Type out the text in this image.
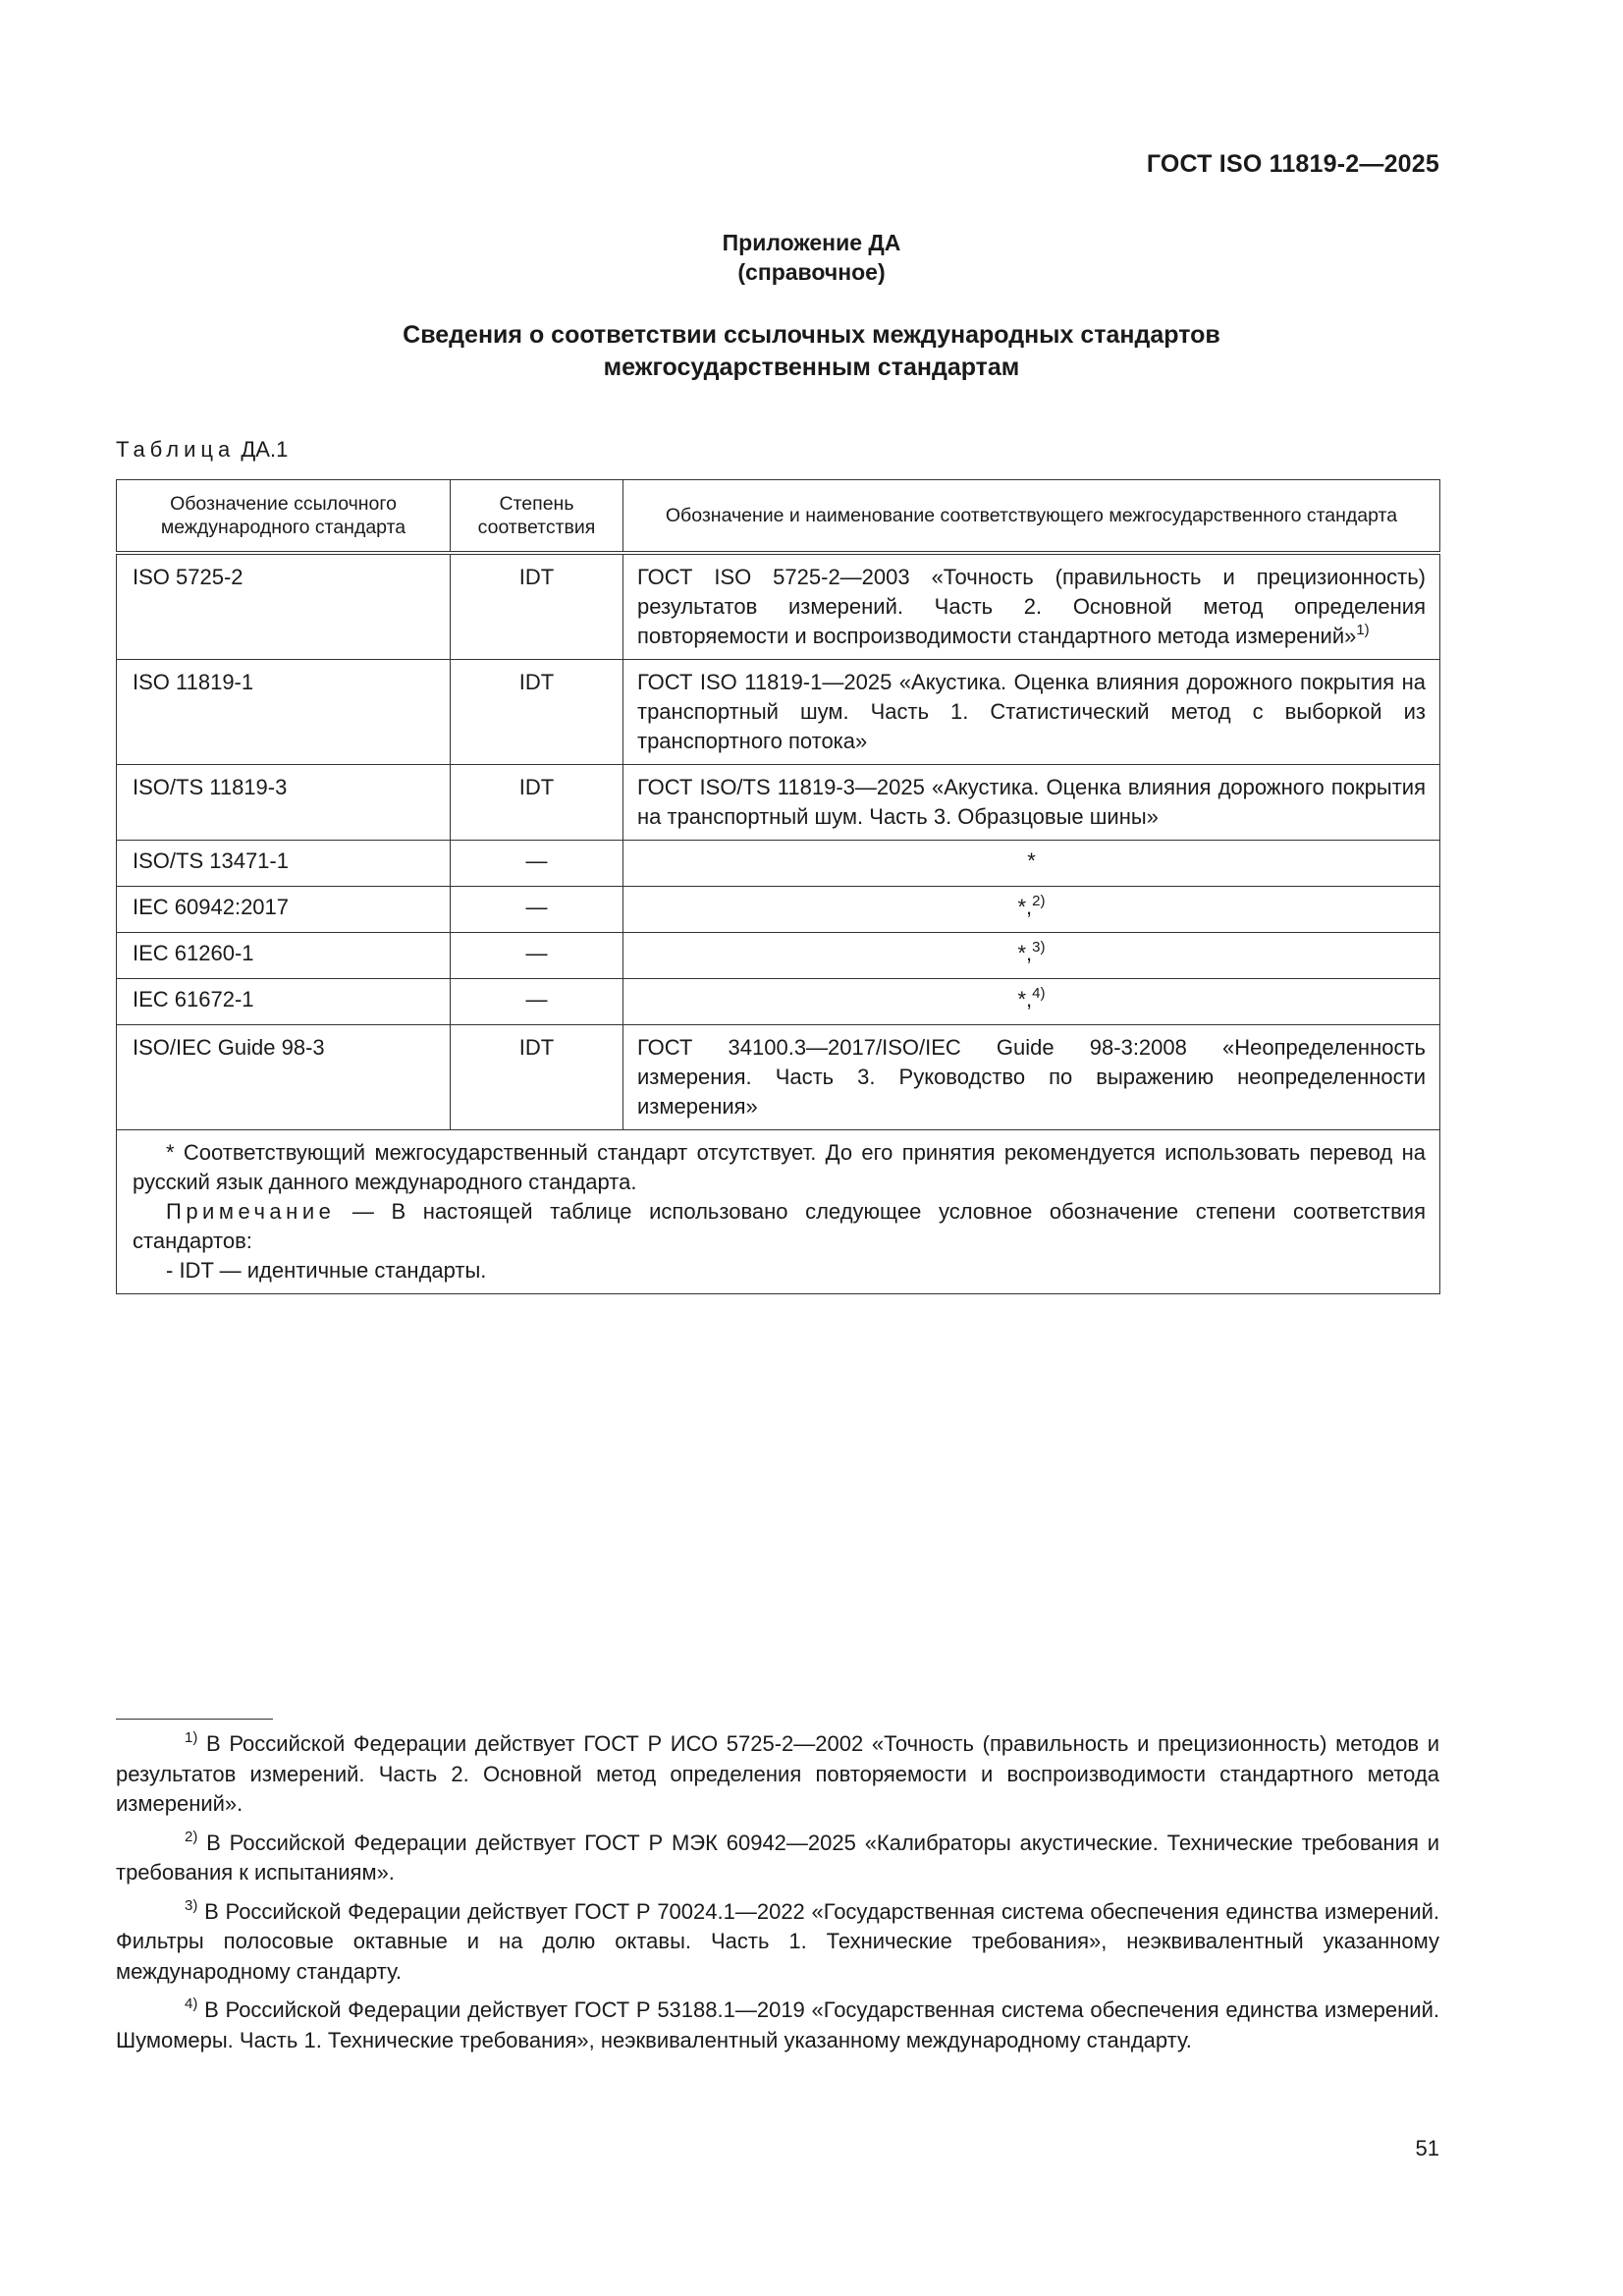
ГОСТ ISO 11819-2—2025
Приложение ДА
(справочное)
Сведения о соответствии ссылочных международных стандартов
межгосударственным стандартам
Таблица ДА.1
Обозначение ссылочного международного стандарта	Степень соответствия	Обозначение и наименование соответствующего межгосударственного стандарта
ISO 5725-2	IDT	ГОСТ ISO 5725-2—2003 «Точность (правильность и прецизионность) результатов измерений. Часть 2. Основной метод определения повторяемости и воспроизводимости стандартного метода измерений»$^{1)}$
ISO 11819-1	IDT	ГОСТ ISO 11819-1—2025 «Акустика. Оценка влияния дорожного покрытия на транспортный шум. Часть 1. Статистический метод с выборкой из транспортного потока»
ISO/TS 11819-3	IDT	ГОСТ ISO/TS 11819-3—2025 «Акустика. Оценка влияния дорожного покрытия на транспортный шум. Часть 3. Образцовые шины»
ISO/TS 13471-1	—	*
IEC 60942:2017	—	*,$^{2)}$
IEC 61260-1	—	*,$^{3)}$
IEC 61672-1	—	*,$^{4)}$
ISO/IEC Guide 98-3	IDT	ГОСТ 34100.3—2017/ISO/IEC Guide 98-3:2008 «Неопределенность измерения. Часть 3. Руководство по выражению неопределенности измерения»

* Соответствующий межгосударственный стандарт отсутствует. До его принятия рекомендуется использовать перевод на русский язык данного международного стандарта.

Примечание — В настоящей таблице использовано следующее условное обозначение степени соответствия стандартов:

- IDT — идентичные стандарты.		

$^{1)}$ В Российской Федерации действует ГОСТ Р ИСО 5725-2—2002 «Точность (правильность и прецизионность) методов и результатов измерений. Часть 2. Основной метод определения повторяемости и воспроизводимости стандартного метода измерений».

$^{2)}$ В Российской Федерации действует ГОСТ Р МЭК 60942—2025 «Калибраторы акустические. Технические требования и требования к испытаниям».

$^{3)}$ В Российской Федерации действует ГОСТ Р 70024.1—2022 «Государственная система обеспечения единства измерений. Фильтры полосовые октавные и на долю октавы. Часть 1. Технические требования», неэквивалентный указанному международному стандарту.

$^{4)}$ В Российской Федерации действует ГОСТ Р 53188.1—2019 «Государственная система обеспечения единства измерений. Шумомеры. Часть 1. Технические требования», неэквивалентный указанному международному стандарту.

51
